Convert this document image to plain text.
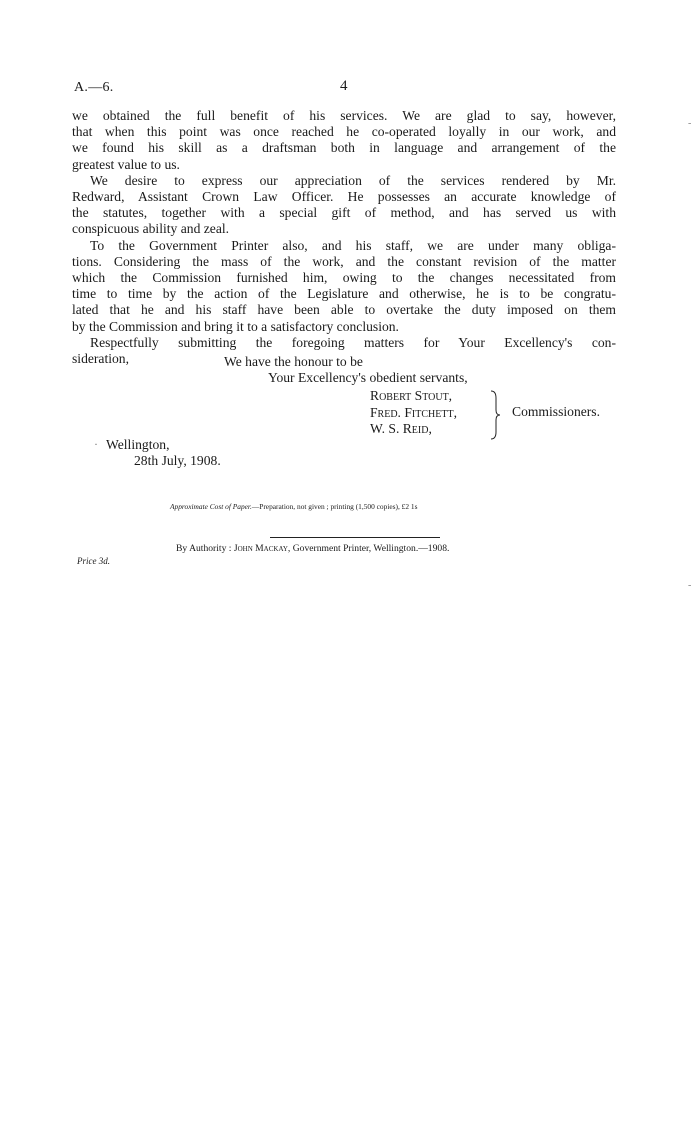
A.—6.	4

we obtained the full benefit of his services. We are glad to say, however,
that when this point was once reached he co-operated loyally in our work, and
we found his skill as a draftsman both in language and arrangement of the
greatest value to us.

We desire to express our appreciation of the services rendered by Mr.
Redward, Assistant Crown Law Officer. He possesses an accurate knowledge of
the statutes, together with a special gift of method, and has served us with
conspicuous ability and zeal.

To the Government Printer also, and his staff, we are under many obliga-
tions. Considering the mass of the work, and the constant revision of the matter
which the Commission furnished him, owing to the changes necessitated from
time to time by the action of the Legislature and otherwise, he is to be congratu-
lated that he and his staff have been able to overtake the duty imposed on them
by the Commission and bring it to a satisfactory conclusion.

Respectfully submitting the foregoing matters for Your Excellency's con-
sideration,	We have the honour to be
Your Excellency's obedient servants,
Robert Stout,
Fred. Fitchett,
W. S. Reid,
Commissioners.
· Wellington,
28th July, 1908.
Approximate Cost of Paper.—Preparation, not given ; printing (1,500 copies), £2 1s
By Authority : John Mackay, Government Printer, Wellington.—1908.
Price 3d.
-
-
